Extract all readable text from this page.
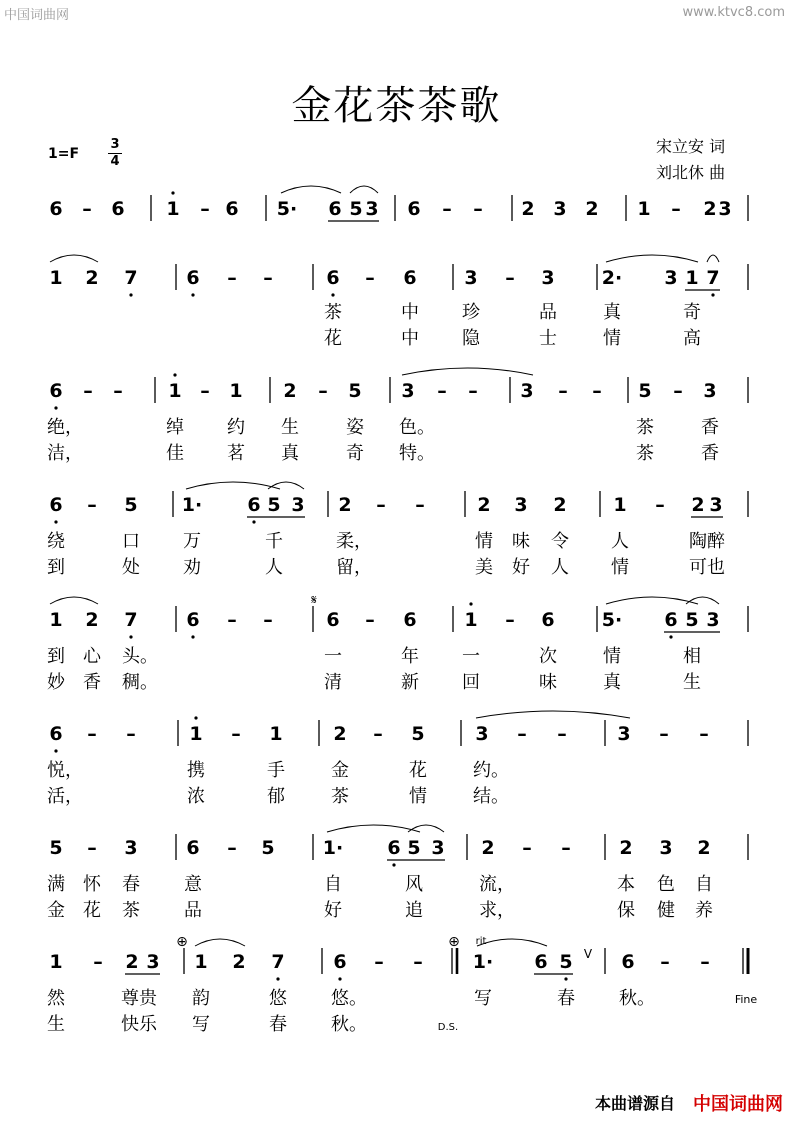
中国词曲网	www.ktvc8.com
金花茶茶歌
1=F
3
4
宋立安 词
刘北休 曲
6 – 6 1 – 6 5· 6 5 3 6 – – 2 3 2 1 – 2 3
1 2 7	6 – –	6 – 6	3 – 3 2· 3 1 7
6 – – 1 – 1 2 – 5 3 – – 3 – – 5 – 3
6 – 5 1· 6 5 3 2 – –	2 3 2 1 – 2 3
1 2 7	6 – –	6 – 6	1 – 6 5· 6 5 3
6 – –	1 – 1	2 – 5	3 – –	3 – –
5 – 3	6 – 5	1· 6 5 3 2 – –	2 3 2
1 – 2 3 1 2 7	6 – –	1· 6 5	6 – –
𝄋
⊕	⊕ rit
V
Fine
D.S.
茶	中	珍	品	真	奇
花	中	隐	士	情	高
绝，	绰	约	生	姿	色。	茶	香
洁，	佳	茗	真	奇	特。	茶	香
绕	口	万	千	柔，	情	味	令	人	陶醉
到	处	劝	人	留，	美	好	人	情	可也
到	心	头。	一	年	一	次	情	相
妙	香	稠。	清	新	回	味	真	生
悦，	携	手	金	花	约。
活，	浓	郁	茶	情	结。
满	怀	春	意	自	风	流，	本	色	自
金	花	茶	品	好	追	求，	保	健	养
然	尊贵	韵	悠	悠。	写	春	秋。
生	快乐	写	春	秋。
本曲谱源自 中国词曲网
